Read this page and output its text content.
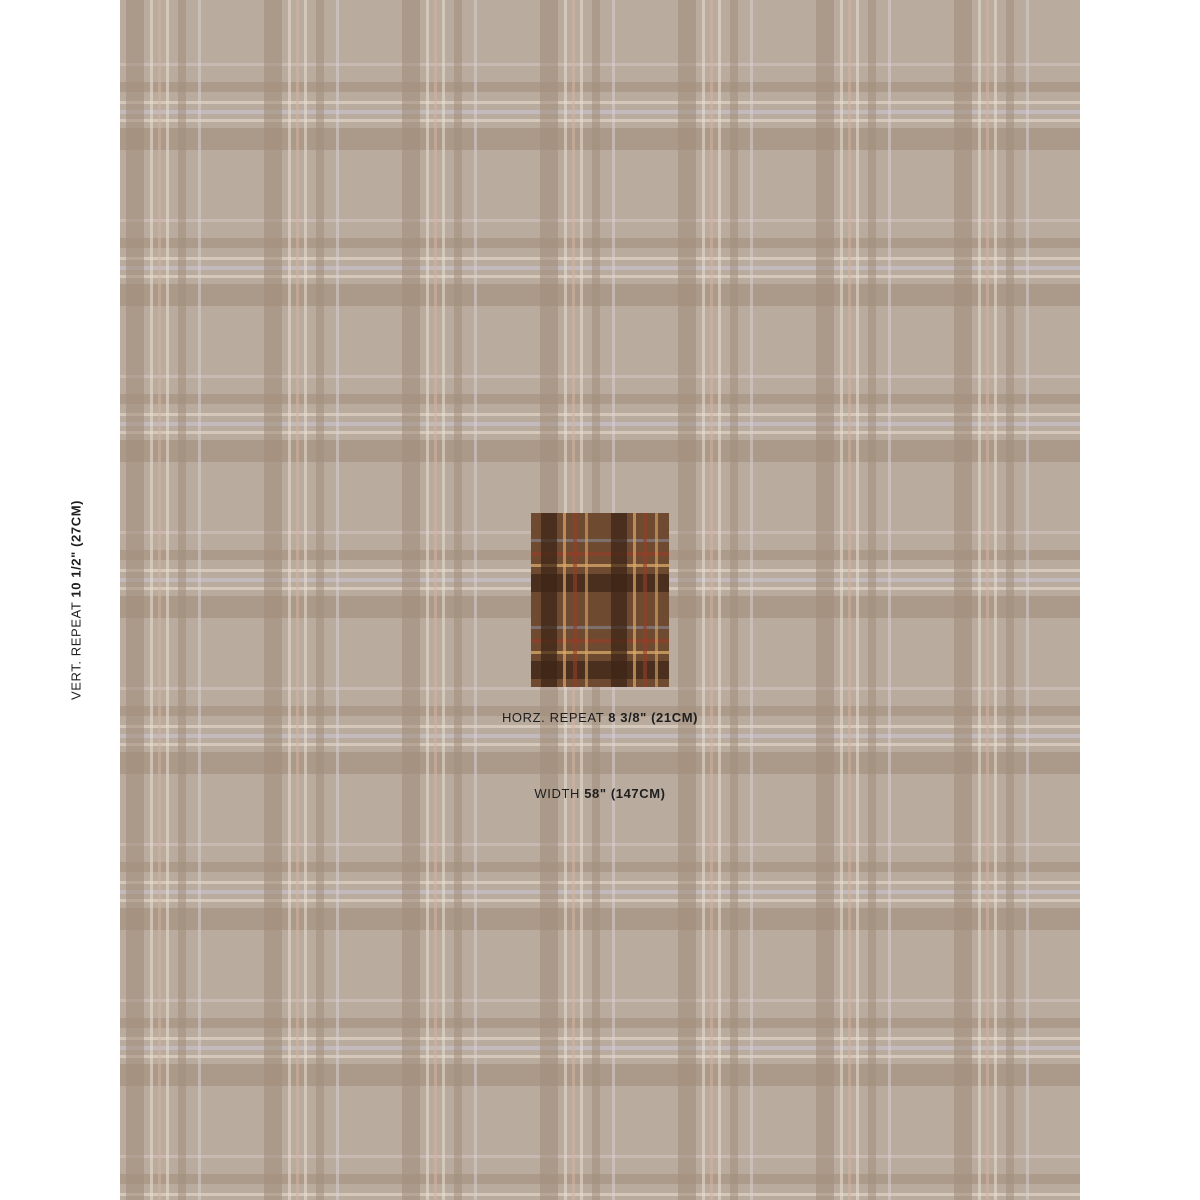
HORZ. REPEAT 8 3/8" (21CM)
WIDTH 58" (147CM)
VERT. REPEAT 10 1/2" (27CM)
